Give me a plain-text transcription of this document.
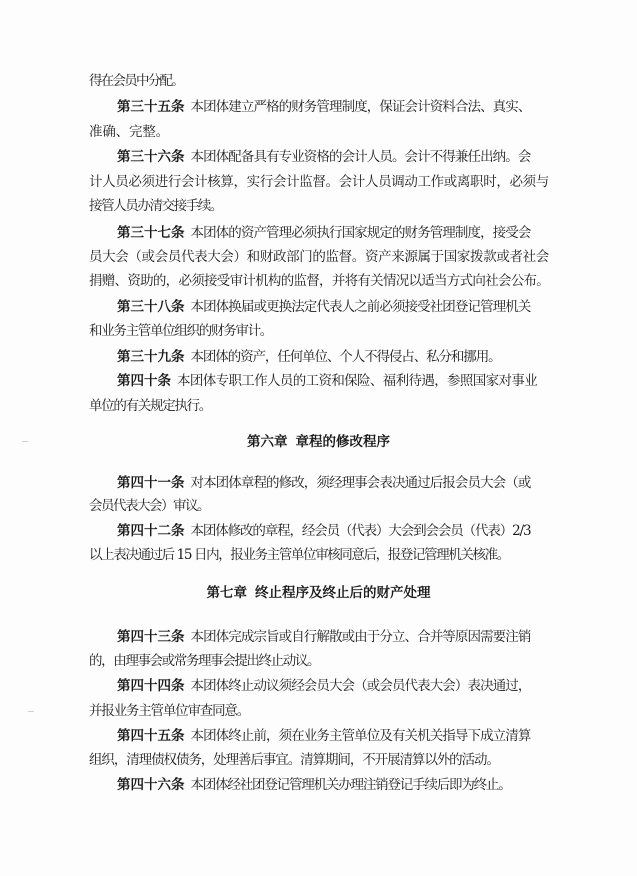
得在会员中分配。
第三十五条 本团体建立严格的财务管理制度，保证会计资料合法、真实、
准确、完整。
第三十六条 本团体配备具有专业资格的会计人员。会计不得兼任出纳。会
计人员必须进行会计核算，实行会计监督。会计人员调动工作或离职时，必须与
接管人员办清交接手续。
第三十七条 本团体的资产管理必须执行国家规定的财务管理制度，接受会
员大会（或会员代表大会）和财政部门的监督。资产来源属于国家拨款或者社会
捐赠、资助的，必须接受审计机构的监督，并将有关情况以适当方式向社会公布。
第三十八条 本团体换届或更换法定代表人之前必须接受社团登记管理机关
和业务主管单位组织的财务审计。
第三十九条 本团体的资产，任何单位、个人不得侵占、私分和挪用。
第四十条 本团体专职工作人员的工资和保险、福利待遇，参照国家对事业
单位的有关规定执行。
第六章 章程的修改程序
第四十一条 对本团体章程的修改，须经理事会表决通过后报会员大会（或
会员代表大会）审议。
第四十二条 本团体修改的章程，经会员（代表）大会到会会员（代表）2/3
以上表决通过后 15 日内，报业务主管单位审核同意后，报登记管理机关核准。
第七章 终止程序及终止后的财产处理
第四十三条 本团体完成宗旨或自行解散或由于分立、合并等原因需要注销
的，由理事会或常务理事会提出终止动议。
第四十四条 本团体终止动议须经会员大会（或会员代表大会）表决通过，
并报业务主管单位审查同意。
第四十五条 本团体终止前，须在业务主管单位及有关机关指导下成立清算
组织，清理债权债务，处理善后事宜。清算期间，不开展清算以外的活动。
第四十六条 本团体经社团登记管理机关办理注销登记手续后即为终止。
